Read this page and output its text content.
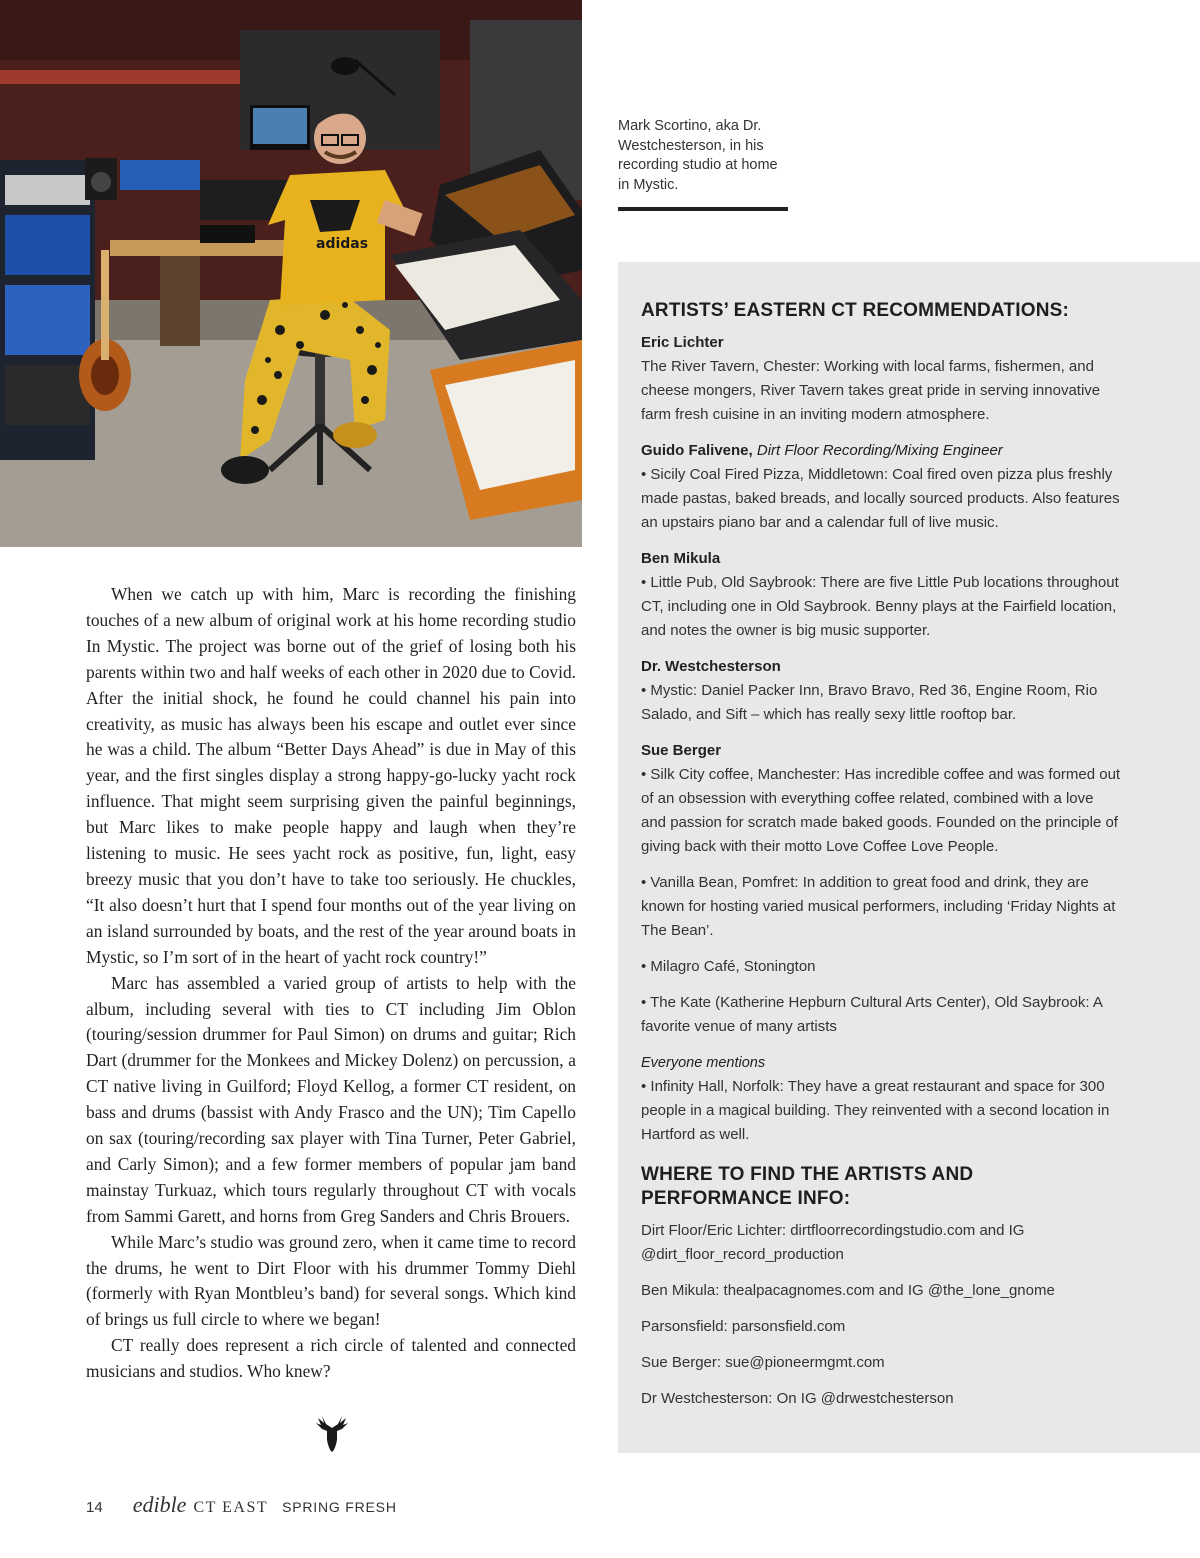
adidas
Mark Scortino, aka Dr. Westchesterson, in his recording studio at home in Mystic.

When we catch up with him, Marc is recording the finishing touches of a new album of original work at his home recording studio In Mystic. The project was borne out of the grief of losing both his parents within two and half weeks of each other in 2020 due to Covid. After the initial shock, he found he could channel his pain into creativity, as music has always been his escape and outlet ever since he was a child. The album “Better Days Ahead” is due in May of this year, and the first singles display a strong happy-go-lucky yacht rock influence. That might seem surprising given the painful beginnings, but Marc likes to make people happy and laugh when they’re listening to music. He sees yacht rock as positive, fun, light, easy breezy music that you don’t have to take too seriously. He chuckles, “It also doesn’t hurt that I spend four months out of the year living on an island surrounded by boats, and the rest of the year around boats in Mystic, so I’m sort of in the heart of yacht rock country!”

Marc has assembled a varied group of artists to help with the album, including several with ties to CT including Jim Oblon (touring/session drummer for Paul Simon) on drums and guitar; Rich Dart (drummer for the Monkees and Mickey Dolenz) on percussion, a CT native living in Guilford; Floyd Kellog, a former CT resident, on bass and drums (bassist with Andy Frasco and the UN); Tim Capello on sax (touring/recording sax player with Tina Turner, Peter Gabriel, and Carly Simon); and a few former members of popular jam band mainstay Turkuaz, which tours regularly throughout CT with vocals from Sammi Garett, and horns from Greg Sanders and Chris Brouers.

While Marc’s studio was ground zero, when it came time to record the drums, he went to Dirt Floor with his drummer Tommy Diehl (formerly with Ryan Montbleu’s band) for several songs. Which kind of brings us full circle to where we began!

CT really does represent a rich circle of talented and connected musicians and studios. Who knew?

ARTISTS’ EASTERN CT RECOMMENDATIONS:
Eric Lichter
The River Tavern, Chester: Working with local farms, fishermen, and cheese mongers, River Tavern takes great pride in serving innovative farm fresh cuisine in an inviting modern atmosphere.
Guido Falivene, Dirt Floor Recording/Mixing Engineer
• Sicily Coal Fired Pizza, Middletown: Coal fired oven pizza plus freshly made pastas, baked breads, and locally sourced products. Also features an upstairs piano bar and a calendar full of live music.
Ben Mikula
• Little Pub, Old Saybrook: There are five Little Pub locations throughout CT, including one in Old Saybrook. Benny plays at the Fairfield location, and notes the owner is big music supporter.
Dr. Westchesterson
• Mystic: Daniel Packer Inn, Bravo Bravo, Red 36, Engine Room, Rio Salado, and Sift – which has really sexy little rooftop bar.
Sue Berger
• Silk City coffee, Manchester: Has incredible coffee and was formed out of an obsession with everything coffee related, combined with a love and passion for scratch made baked goods. Founded on the principle of giving back with their motto Love Coffee Love People.
• Vanilla Bean, Pomfret: In addition to great food and drink, they are known for hosting varied musical performers, including ‘Friday Nights at The Bean’.
• Milagro Café, Stonington
• The Kate (Katherine Hepburn Cultural Arts Center), Old Saybrook: A favorite venue of many artists
Everyone mentions
• Infinity Hall, Norfolk: They have a great restaurant and space for 300 people in a magical building. They reinvented with a second location in Hartford as well.
WHERE TO FIND THE ARTISTS AND PERFORMANCE INFO:
Dirt Floor/Eric Lichter: dirtfloorrecordingstudio.com and IG @dirt_floor_record_production
Ben Mikula: thealpacagnomes.com and IG @the_lone_gnome
Parsonsfield: parsonsfield.com
Sue Berger: sue@pioneermgmt.com
Dr Westchesterson: On IG @drwestchesterson
14 edible CT EAST SPRING FRESH
